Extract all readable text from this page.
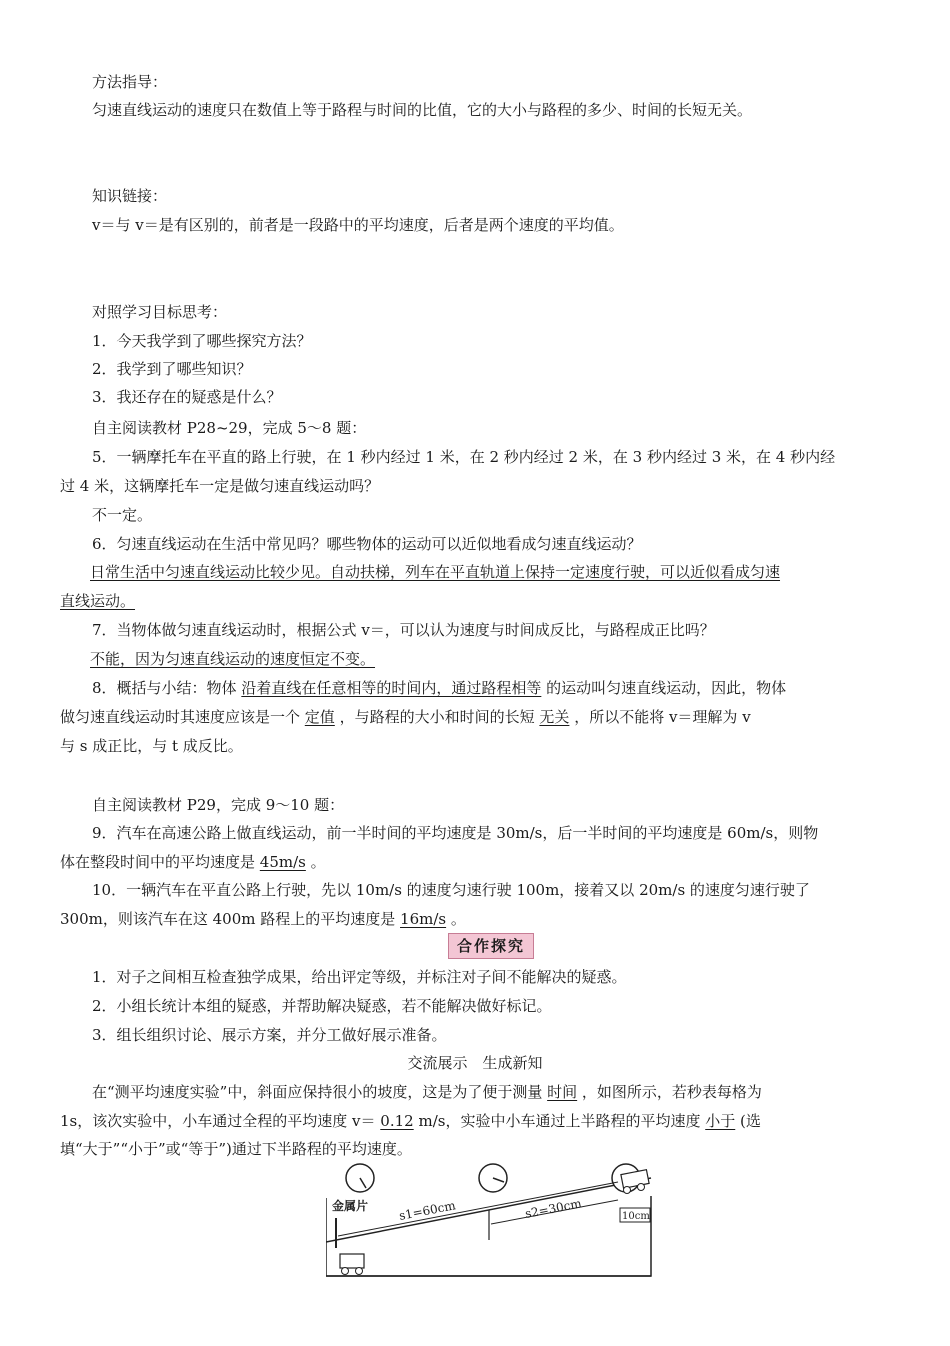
方法指导：
匀速直线运动的速度只在数值上等于路程与时间的比值，它的大小与路程的多少、时间的长短无关。
知识链接：
v＝与 v＝是有区别的，前者是一段路中的平均速度，后者是两个速度的平均值。
对照学习目标思考：
1．今天我学到了哪些探究方法？
2．我学到了哪些知识？
3．我还存在的疑惑是什么？
自主阅读教材 P28~29，完成 5～8 题：
5．一辆摩托车在平直的路上行驶，在 1 秒内经过 1 米，在 2 秒内经过 2 米，在 3 秒内经过 3 米，在 4 秒内经
过 4 米，这辆摩托车一定是做匀速直线运动吗？
不一定。
6．匀速直线运动在生活中常见吗？哪些物体的运动可以近似地看成匀速直线运动？
日常生活中匀速直线运动比较少见。自动扶梯，列车在平直轨道上保持一定速度行驶，可以近似看成匀速
直线运动。
7．当物体做匀速直线运动时，根据公式 v＝，可以认为速度与时间成反比，与路程成正比吗？
不能，因为匀速直线运动的速度恒定不变。
8．概括与小结：物体 沿着直线在任意相等的时间内，通过路程相等 的运动叫匀速直线运动，因此，物体
做匀速直线运动时其速度应该是一个 定值 ，与路程的大小和时间的长短 无关 ，所以不能将 v＝理解为 v
与 s 成正比，与 t 成反比。
自主阅读教材 P29，完成 9～10 题：
9．汽车在高速公路上做直线运动，前一半时间的平均速度是 30m/s，后一半时间的平均速度是 60m/s，则物
体在整段时间中的平均速度是 45m/s 。
10．一辆汽车在平直公路上行驶，先以 10m/s 的速度匀速行驶 100m，接着又以 20m/s 的速度匀速行驶了
300m，则该汽车在这 400m 路程上的平均速度是 16m/s 。
合作探究
1．对子之间相互检查独学成果，给出评定等级，并标注对子间不能解决的疑惑。
2．小组长统计本组的疑惑，并帮助解决疑惑，若不能解决做好标记。
3．组长组织讨论、展示方案，并分工做好展示准备。
交流展示　生成新知
在“测平均速度实验”中，斜面应保持很小的坡度，这是为了便于测量 时间 ，如图所示，若秒表每格为
1s，该次实验中，小车通过全程的平均速度 v＝ 0.12 m/s，实验中小车通过上半路程的平均速度 小于 (选
填“大于”“小于”或“等于”)通过下半路程的平均速度。
金属片 s1=60cm	s2=30cm	10cm
